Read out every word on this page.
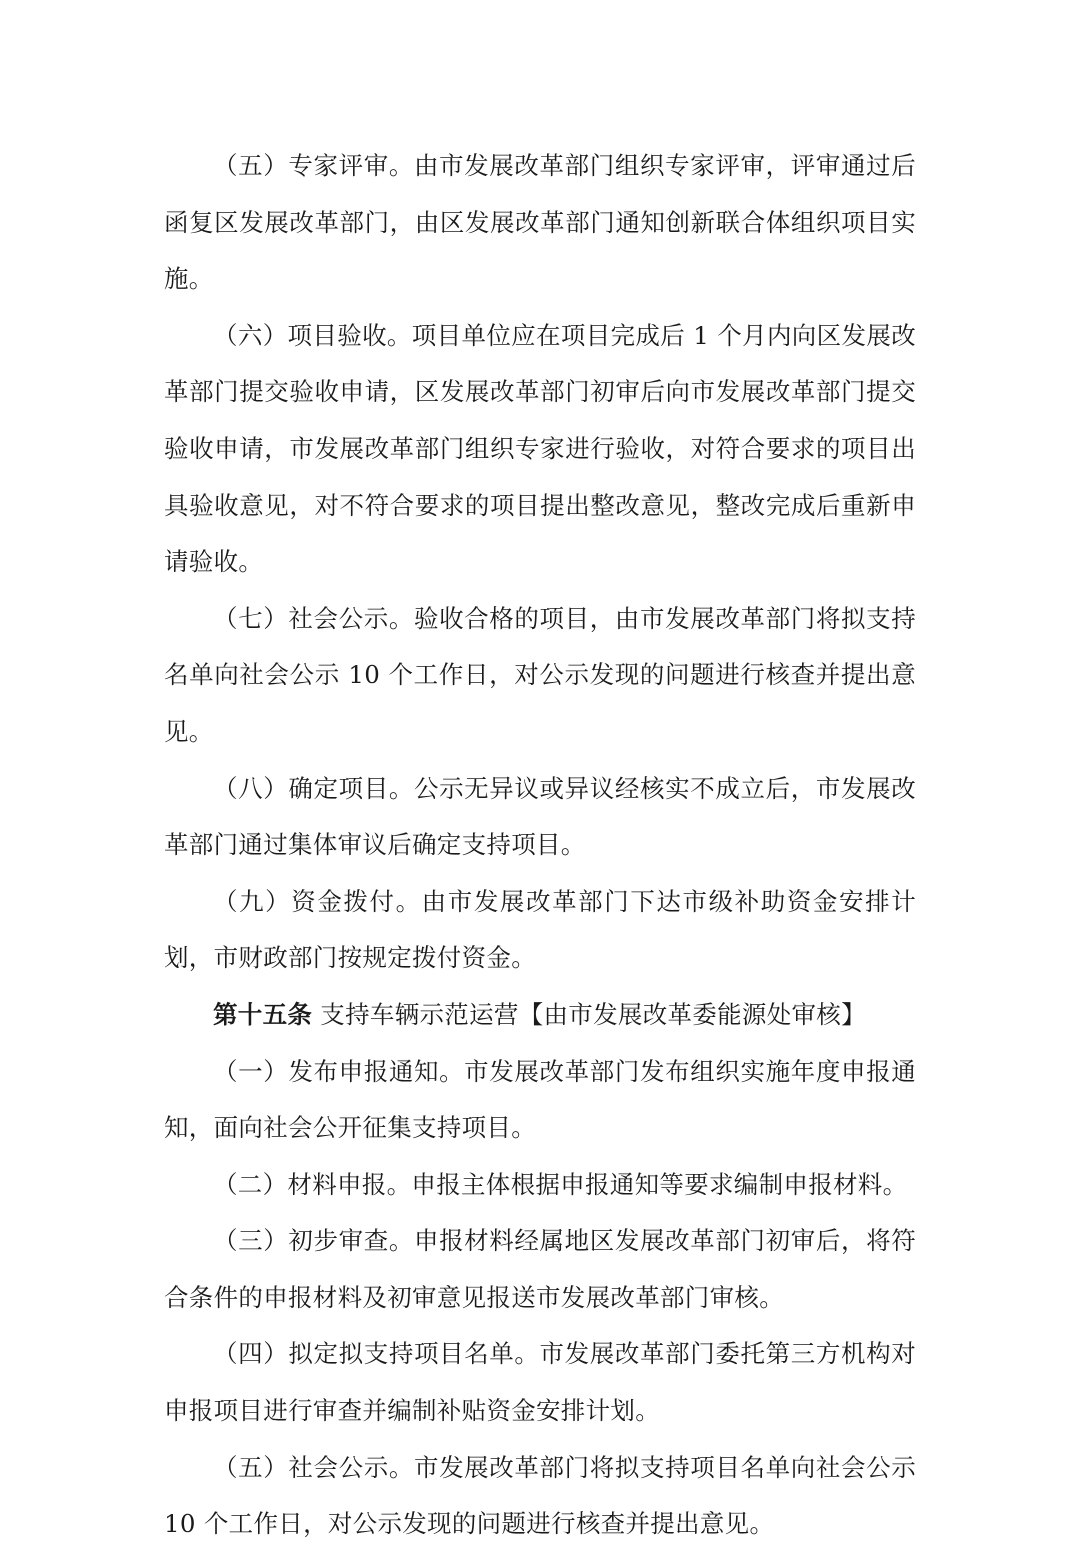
（五）专家评审。由市发展改革部门组织专家评审，评审通过后函复区发展改革部门，由区发展改革部门通知创新联合体组织项目实施。

（六）项目验收。项目单位应在项目完成后 1 个月内向区发展改革部门提交验收申请，区发展改革部门初审后向市发展改革部门提交验收申请，市发展改革部门组织专家进行验收，对符合要求的项目出具验收意见，对不符合要求的项目提出整改意见，整改完成后重新申请验收。

（七）社会公示。验收合格的项目，由市发展改革部门将拟支持名单向社会公示 10 个工作日，对公示发现的问题进行核查并提出意见。

（八）确定项目。公示无异议或异议经核实不成立后，市发展改革部门通过集体审议后确定支持项目。

（九）资金拨付。由市发展改革部门下达市级补助资金安排计划，市财政部门按规定拨付资金。

第十五条 支持车辆示范运营【由市发展改革委能源处审核】

（一）发布申报通知。市发展改革部门发布组织实施年度申报通知，面向社会公开征集支持项目。

（二）材料申报。申报主体根据申报通知等要求编制申报材料。

（三）初步审查。申报材料经属地区发展改革部门初审后，将符合条件的申报材料及初审意见报送市发展改革部门审核。

（四）拟定拟支持项目名单。市发展改革部门委托第三方机构对申报项目进行审查并编制补贴资金安排计划。

（五）社会公示。市发展改革部门将拟支持项目名单向社会公示 10 个工作日，对公示发现的问题进行核查并提出意见。
